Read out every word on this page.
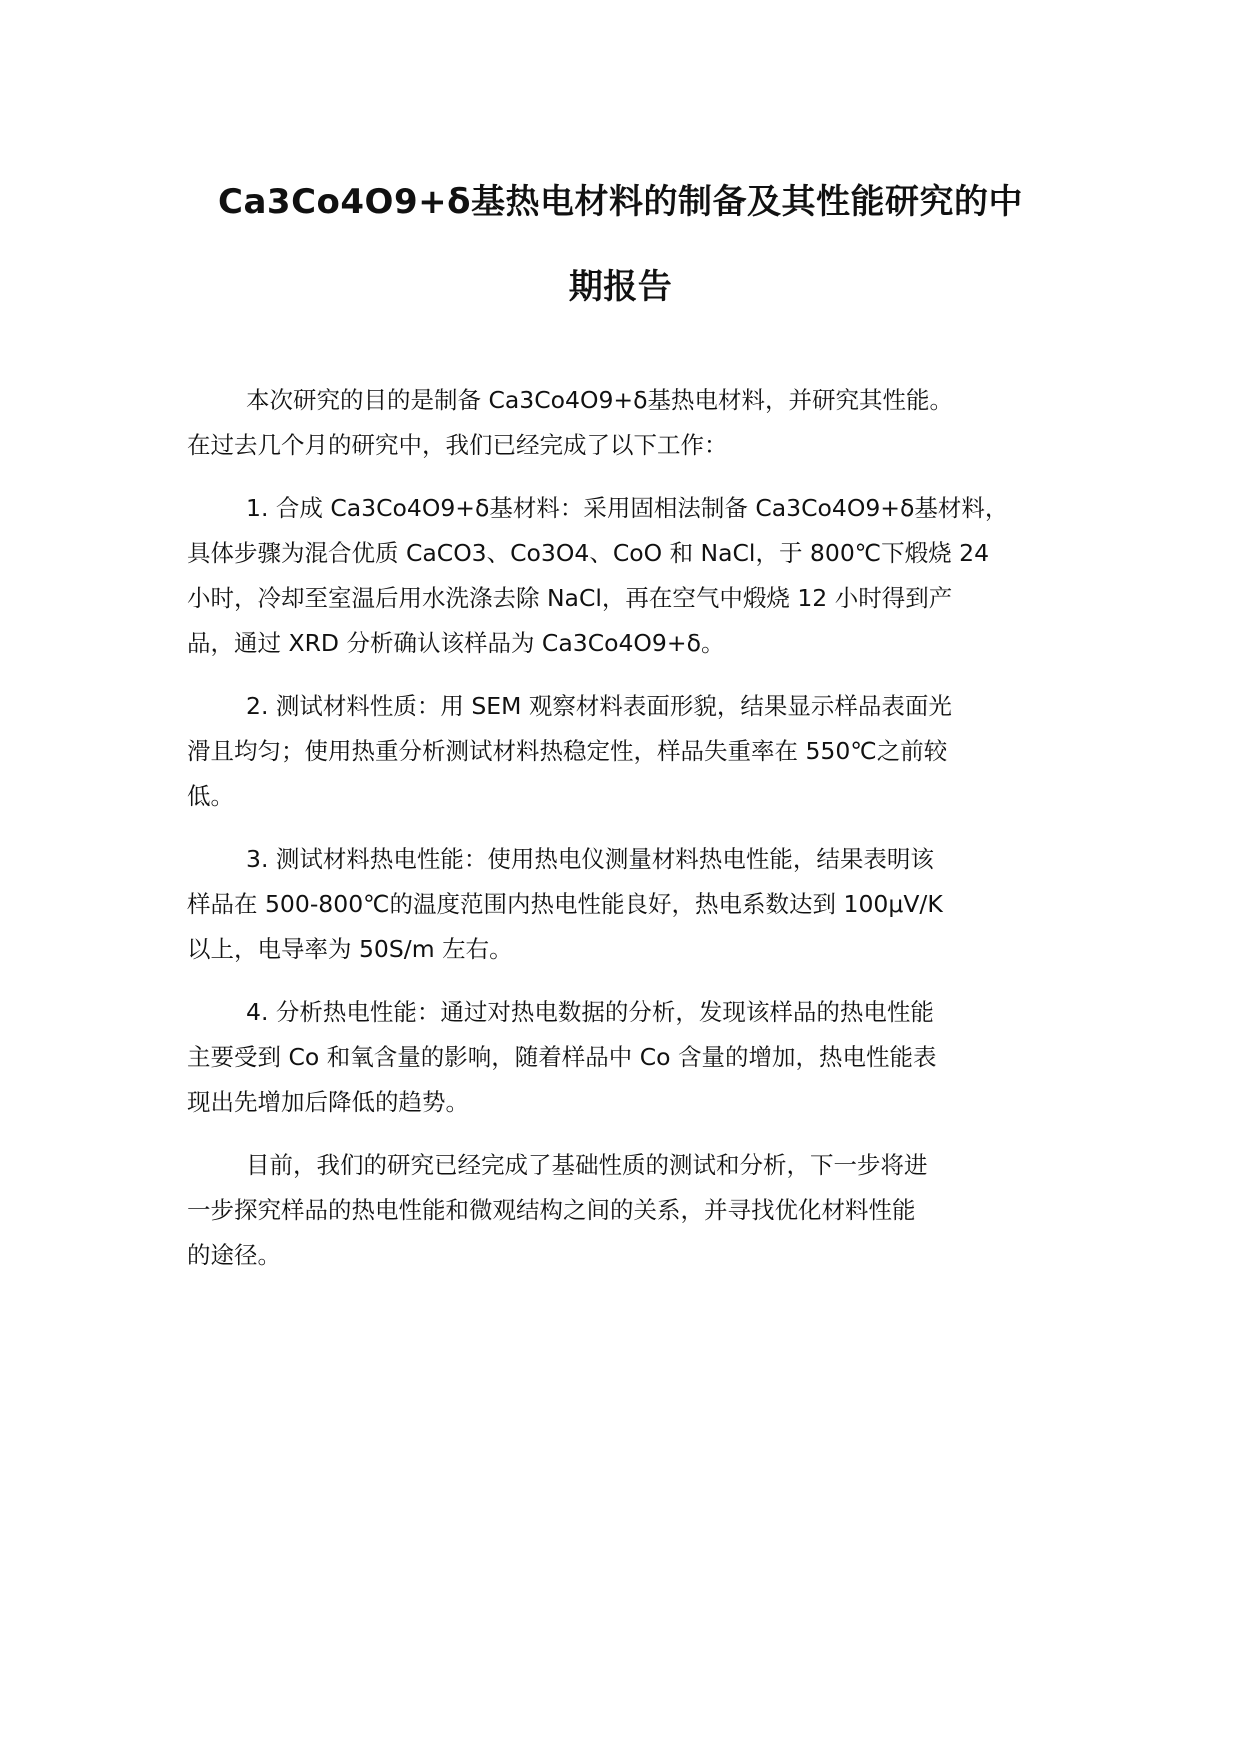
Ca3Co4O9+δ基热电材料的制备及其性能研究的中
期报告

本次研究的目的是制备 Ca3Co4O9+δ基热电材料，并研究其性能。
在过去几个月的研究中，我们已经完成了以下工作：

1. 合成 Ca3Co4O9+δ基材料：采用固相法制备 Ca3Co4O9+δ基材料，
具体步骤为混合优质 CaCO3、Co3O4、CoO 和 NaCl，于 800℃下煅烧 24
小时，冷却至室温后用水洗涤去除 NaCl，再在空气中煅烧 12 小时得到产
品，通过 XRD 分析确认该样品为 Ca3Co4O9+δ。

2. 测试材料性质：用 SEM 观察材料表面形貌，结果显示样品表面光
滑且均匀；使用热重分析测试材料热稳定性，样品失重率在 550℃之前较
低。

3. 测试材料热电性能：使用热电仪测量材料热电性能，结果表明该
样品在 500-800℃的温度范围内热电性能良好，热电系数达到 100μV/K
以上，电导率为 50S/m 左右。

4. 分析热电性能：通过对热电数据的分析，发现该样品的热电性能
主要受到 Co 和氧含量的影响，随着样品中 Co 含量的增加，热电性能表
现出先增加后降低的趋势。

目前，我们的研究已经完成了基础性质的测试和分析，下一步将进
一步探究样品的热电性能和微观结构之间的关系，并寻找优化材料性能
的途径。
